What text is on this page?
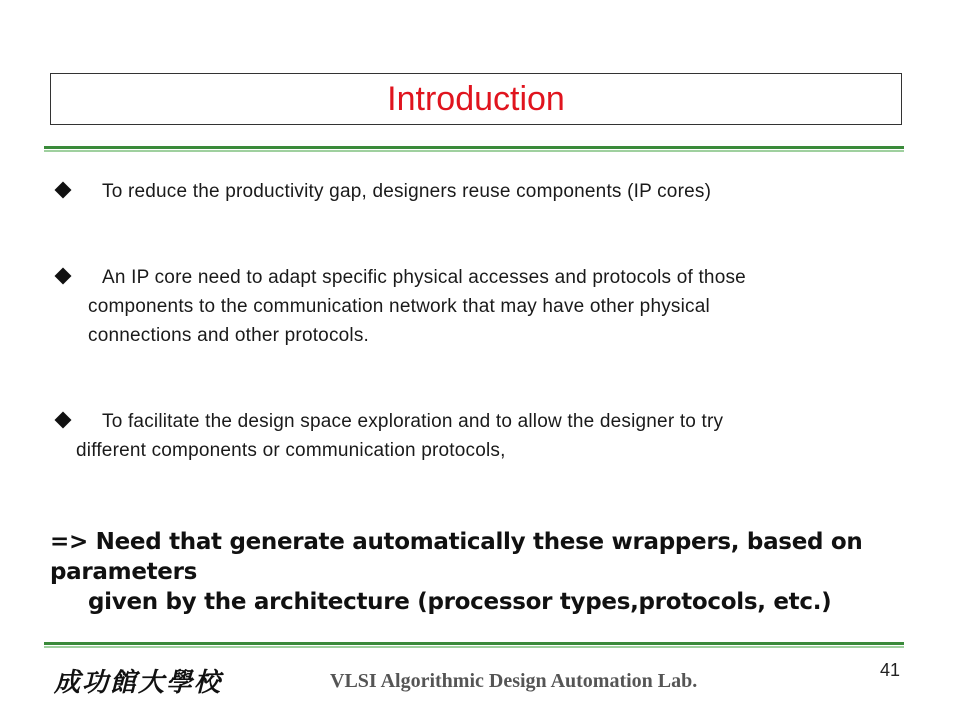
Introduction
To reduce the productivity gap, designers reuse components (IP cores)
An IP core need to adapt specific physical accesses and protocols of those
components to the communication network that may have other physical
connections and other protocols.
To facilitate the design space exploration and to allow the designer to try
different components or communication protocols,
=> Need that generate automatically these wrappers, based on parameters
given by the architecture (processor types,protocols, etc.)
成功館大學校	VLSI Algorithmic Design Automation Lab.	41
